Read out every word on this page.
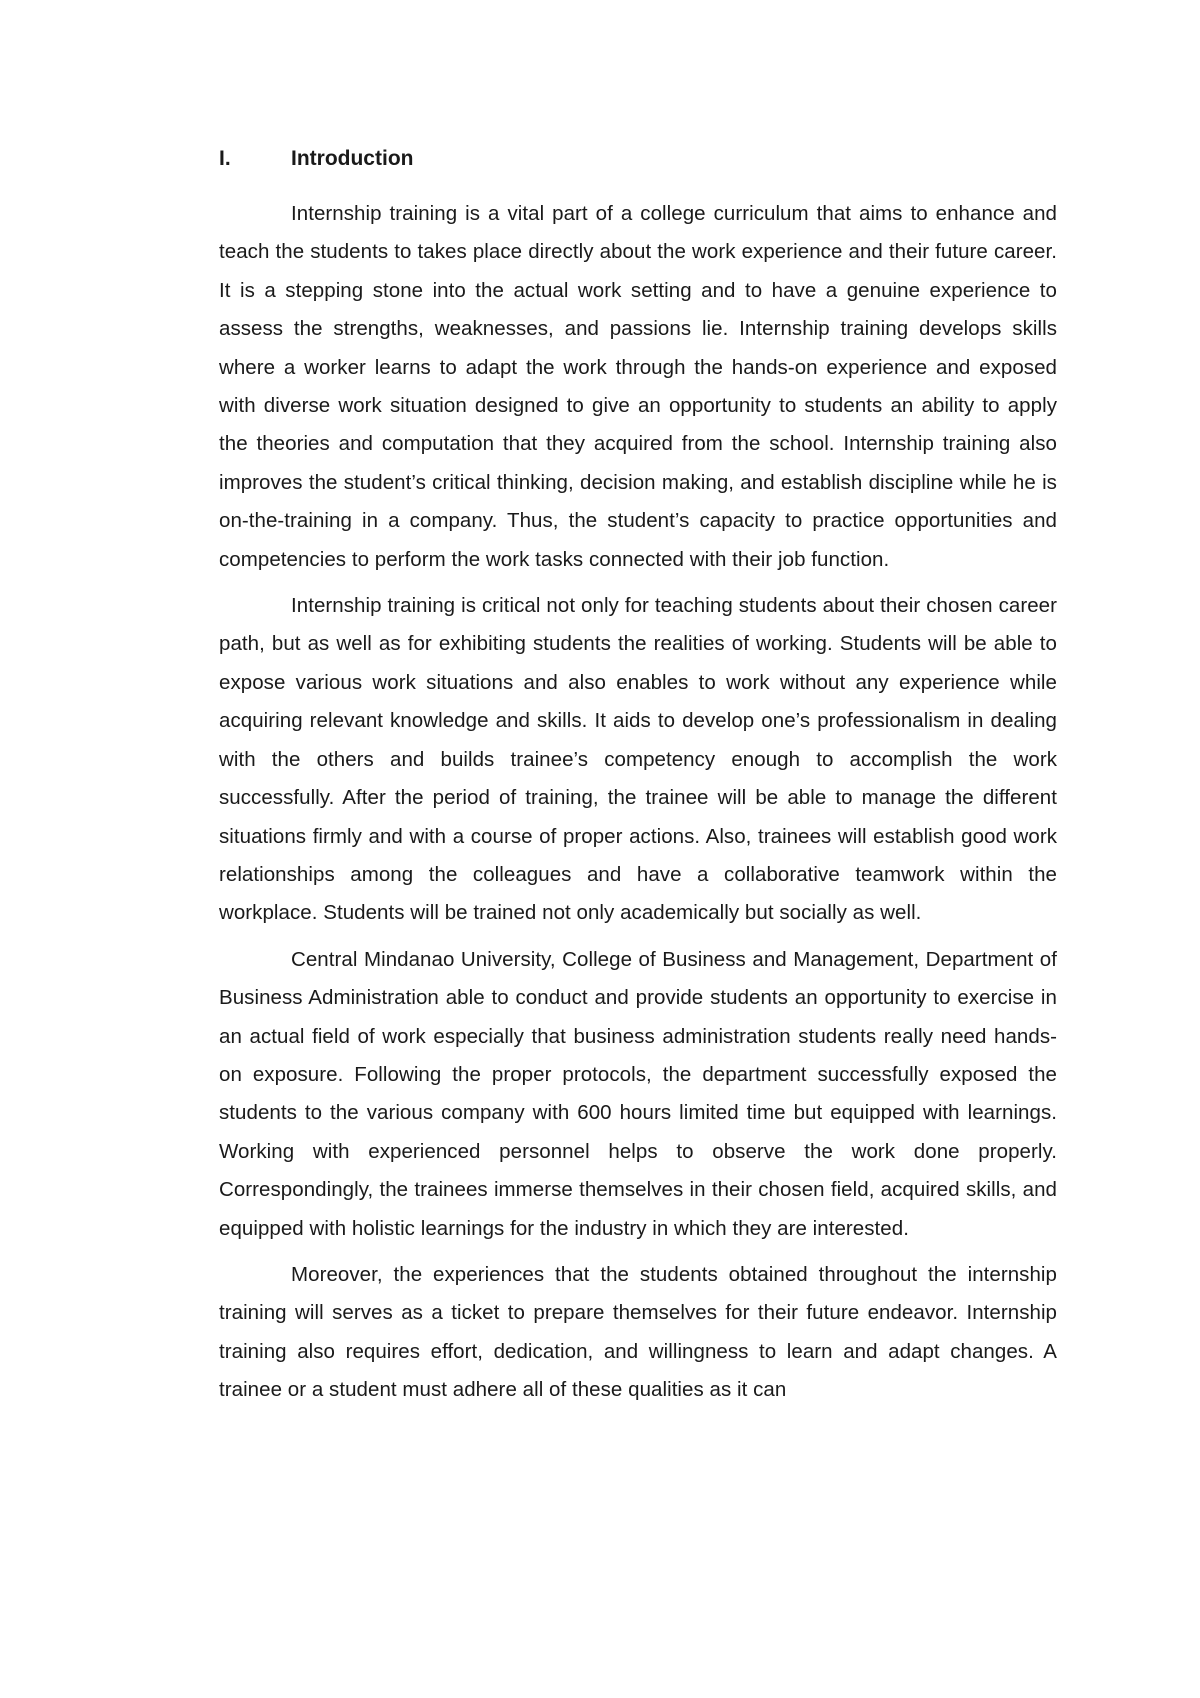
I.	Introduction

Internship training is a vital part of a college curriculum that aims to enhance and teach the students to takes place directly about the work experience and their future career. It is a stepping stone into the actual work setting and to have a genuine experience to assess the strengths, weaknesses, and passions lie. Internship training develops skills where a worker learns to adapt the work through the hands-on experience and exposed with diverse work situation designed to give an opportunity to students an ability to apply the theories and computation that they acquired from the school. Internship training also improves the student’s critical thinking, decision making, and establish discipline while he is on-the-training in a company. Thus, the student’s capacity to practice opportunities and competencies to perform the work tasks connected with their job function.

Internship training is critical not only for teaching students about their chosen career path, but as well as for exhibiting students the realities of working. Students will be able to expose various work situations and also enables to work without any experience while acquiring relevant knowledge and skills. It aids to develop one’s professionalism in dealing with the others and builds trainee’s competency enough to accomplish the work successfully. After the period of training, the trainee will be able to manage the different situations firmly and with a course of proper actions. Also, trainees will establish good work relationships among the colleagues and have a collaborative teamwork within the workplace. Students will be trained not only academically but socially as well.

Central Mindanao University, College of Business and Management, Department of Business Administration able to conduct and provide students an opportunity to exercise in an actual field of work especially that business administration students really need hands-on exposure. Following the proper protocols, the department successfully exposed the students to the various company with 600 hours limited time but equipped with learnings. Working with experienced personnel helps to observe the work done properly. Correspondingly, the trainees immerse themselves in their chosen field, acquired skills, and equipped with holistic learnings for the industry in which they are interested.

Moreover, the experiences that the students obtained throughout the internship training will serves as a ticket to prepare themselves for their future endeavor. Internship training also requires effort, dedication, and willingness to learn and adapt changes. A trainee or a student must adhere all of these qualities as it can
